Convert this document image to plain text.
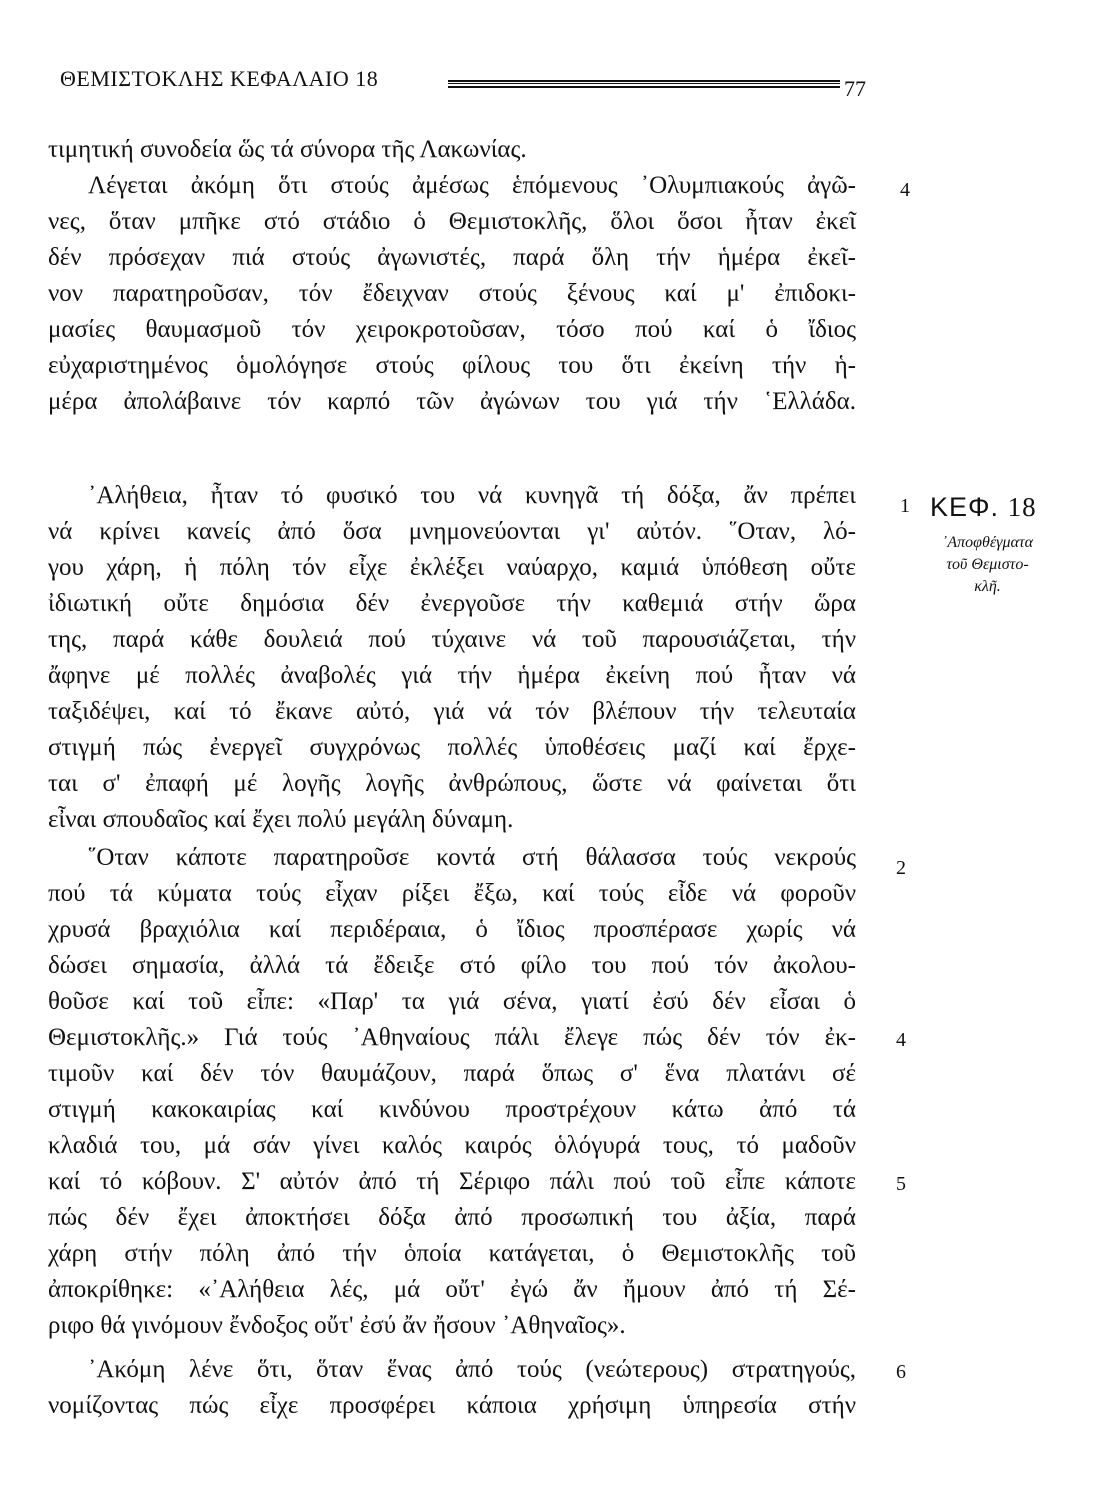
ΘΕΜΙΣΤΟΚΛΗΣ ΚΕΦΑΛΑΙΟ 18	77
τιμητική συνοδεία ὥς τά σύνορα τῆς Λακωνίας.
Λέγεται ἀκόμη ὅτι στούς ἀμέσως ἑπόμενους ᾿Ολυμπιακούς ἀγῶ-
νες, ὅταν μπῆκε στό στάδιο ὁ Θεμιστοκλῆς, ὅλοι ὅσοι ἦταν ἐκεῖ
δέν πρόσεχαν πιά στούς ἀγωνιστές, παρά ὅλη τήν ἡμέρα ἐκεῖ-
νον παρατηροῦσαν, τόν ἔδειχναν στούς ξένους καί μ' ἐπιδοκι-
μασίες θαυμασμοῦ τόν χειροκροτοῦσαν, τόσο πού καί ὁ ἴδιος
εὐχαριστημένος ὁμολόγησε στούς φίλους του ὅτι ἐκείνη τήν ἡ-
μέρα ἀπολάβαινε τόν καρπό τῶν ἀγώνων του γιά τήν ῾Ελλάδα.
᾿Αλήθεια, ἦταν τό φυσικό του νά κυνηγᾶ τή δόξα, ἄν πρέπει
νά κρίνει κανείς ἀπό ὅσα μνημονεύονται γι' αὐτόν. ῞Οταν, λό-
γου χάρη, ἡ πόλη τόν εἶχε ἐκλέξει ναύαρχο, καμιά ὑπόθεση οὔτε
ἰδιωτική οὔτε δημόσια δέν ἐνεργοῦσε τήν καθεμιά στήν ὥρα
της, παρά κάθε δουλειά πού τύχαινε νά τοῦ παρουσιάζεται, τήν
ἄφηνε μέ πολλές ἀναβολές γιά τήν ἡμέρα ἐκείνη πού ἦταν νά
ταξιδέψει, καί τό ἔκανε αὐτό, γιά νά τόν βλέπουν τήν τελευταία
στιγμή πώς ἐνεργεῖ συγχρόνως πολλές ὑποθέσεις μαζί καί ἔρχε-
ται σ' ἐπαφή μέ λογῆς λογῆς ἀνθρώπους, ὥστε νά φαίνεται ὅτι
εἶναι σπουδαῖος καί ἔχει πολύ μεγάλη δύναμη.
῞Οταν κάποτε παρατηροῦσε κοντά στή θάλασσα τούς νεκρούς
πού τά κύματα τούς εἶχαν ρίξει ἔξω, καί τούς εἶδε νά φοροῦν
χρυσά βραχιόλια καί περιδέραια, ὁ ἴδιος προσπέρασε χωρίς νά
δώσει σημασία, ἀλλά τά ἔδειξε στό φίλο του πού τόν ἀκολου-
θοῦσε καί τοῦ εἶπε: «Παρ' τα γιά σένα, γιατί ἐσύ δέν εἶσαι ὁ
Θεμιστοκλῆς.» Γιά τούς ᾿Αθηναίους πάλι ἔλεγε πώς δέν τόν ἐκ-
τιμοῦν καί δέν τόν θαυμάζουν, παρά ὅπως σ' ἕνα πλατάνι σέ
στιγμή κακοκαιρίας καί κινδύνου προστρέχουν κάτω ἀπό τά
κλαδιά του, μά σάν γίνει καλός καιρός ὁλόγυρά τους, τό μαδοῦν
καί τό κόβουν. Σ' αὐτόν ἀπό τή Σέριφο πάλι πού τοῦ εἶπε κάποτε
πώς δέν ἔχει ἀποκτήσει δόξα ἀπό προσωπική του ἀξία, παρά
χάρη στήν πόλη ἀπό τήν ὁποία κατάγεται, ὁ Θεμιστοκλῆς τοῦ
ἀποκρίθηκε: «᾿Αλήθεια λές, μά οὔτ' ἐγώ ἄν ἤμουν ἀπό τή Σέ-
ριφο θά γινόμουν ἔνδοξος οὔτ' ἐσύ ἄν ἤσουν ᾿Αθηναῖος».
᾿Ακόμη λένε ὅτι, ὅταν ἕνας ἀπό τούς (νεώτερους) στρατηγούς,
νομίζοντας πώς εἶχε προσφέρει κάποια χρήσιμη ὑπηρεσία στήν
4
1
2
4
5
6
ΚΕΦ. 18
᾿Αποφθέγματα
τοῦ Θεμιστο-
κλῆ.
